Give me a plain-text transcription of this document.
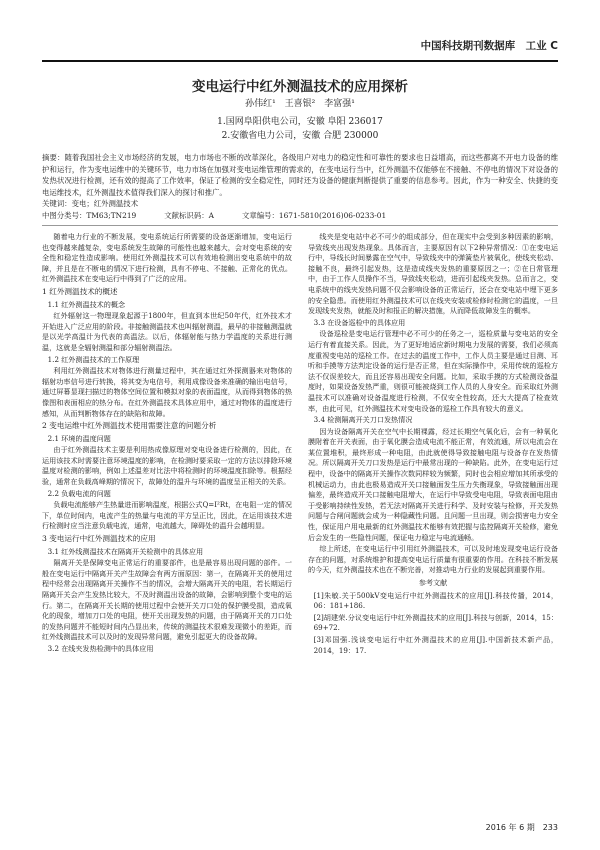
中国科技期刊数据库　工业 C
变电运行中红外测温技术的应用探析
孙伟红¹　王喜银²　李富强¹
1.国网阜阳供电公司，安徽 阜阳 236017
2.安徽省电力公司，安徽 合肥 230000
摘要：随着我国社会主义市场经济的发展，电力市场也不断的改革深化，各级用户对电力的稳定性和可靠性的要求也日益增高，而这些都离不开电力设备的维护和运行，作为变电运维中的关键环节，电力市场在加强对变电运维管理的需求的，在变电运行当中，红外测温不仅能够在不接触、不停电的情况下对设备的发热状况进行检测，还有效的提高了工作效率，保证了检测的安全稳定性，同时还为设备的健康判断提供了重要的信息参考。因此，作为一种安全、快捷的变电运维技术，红外测温技术值得我们深入的探讨和推广。
关键词：变电；红外测温技术
中图分类号：TM63;TN219	文献标识码：A	文章编号：1671-5810(2016)06-0233-01

随着电力行业的不断发展，变电系统运行所需要的设备逐渐增加，变电运行也变得越来越复杂，变电系统发生故障的可能性也越来越大，会对变电系统的安全性和稳定性造成影响。使用红外测温技术可以有效地检测出变电系统中的故障，并且是在不断电的情况下进行检测，具有不停电、不接触、正常化的优点。红外测温技术在变电运行中得到了广泛的应用。

1 红外测温技术的概述

1.1 红外测温技术的概念

红外辐射这一物理现象起源于1800年，但直到本世纪50年代，红外技术才开始进入广泛应用的阶段。非接触测温技术也叫辐射测温，最早的非接触测温就是以光学高温计为代表的高温法。以后，体辐射能与热力学温度的关系进行测温，这就是全辐射测温和部分辐射测温法。

1.2 红外测温技术的工作原理

利用红外测温技术对物体进行测量过程中，其在通过红外探测器来对物体的辐射功率信号进行转换，将其变为电信号，利用成像设备来准确的输出电信号，通过屏幕显现扫描过的物体空间位置和模拟对象的表面温度，从而得到物体的热像图和表面相应的热分布。在红外测温技术具体应用中，通过对物体的温度进行感知，从而判断物体存在的缺陷和故障。

2 变电运维中红外测温技术使用需要注意的问题分析

2.1 环境的温度问题

由于红外测温技术主要是利用热成像原理对变电设备进行检测的，因此，在运用该技术时需要注意环境温度的影响，在检测时要采取一定的方法以排除环境温度对检测的影响，例如上述温差对比法中将检测时的环境温度扣除等。根据经验，通常在负载高峰期的情况下，故障处的温升与环境的温度呈正相关的关系。

2.2 负载电流的问题

负载电流能够产生热量进而影响温度，根据公式Q=I²Rt，在电阻一定的情况下，单位时间内，电流产生的热量与电流的平方呈正比，因此，在运用该技术进行检测时应当注意负载电流，通常，电流越大，障碍处的温升会越明显。

3 变电运行中红外测温技术的应用

3.1 红外线测温技术在隔离开关检测中的具体应用

隔离开关是保障变电正常运行的重要部件，也是最容易出现问题的部件。一般在变电运行中隔离开关产生故障会有两方面原因：第一，在隔离开关的使用过程中经常会出现隔离开关操作不当的情况，会增大隔离开关的电阻，若长期运行隔离开关会产生发热比较大，不及时测温出设备的故障，会影响到整个变电的运行。第二，在隔离开关长期的使用过程中会使开关刀口处的保护膜受损，造成氧化的现象，增加刀口处的电阻，使开关出现发热的问题，由于隔离开关的刀口处的发热问题并不能短时间内凸显出来，传统的测温技术很难发现微小的差距，而红外线测温技术可以及时的发现异常问题，避免引起更大的设备故障。

3.2 在线夹发热检测中的具体应用

线夹是变电站中必不可少的组成部分，但在现实中会受到多种因素的影响，导致线夹出现发热现象。具体而言，主要原因有以下2种异常情况：①在变电运行中，导线长时间暴露在空气中，导致线夹中的弹簧垫片被氧化，使线夹松动、接触不良，最终引起发热，这是造成线夹发热的重要原因之一；②在日常管理中，由于工作人员操作不当，导致线夹松动，进而引起线夹发热。总而言之，变电系统中的线夹发热问题不仅会影响设备的正常运行，还会在变电站中埋下更多的安全隐患。而使用红外测温技术可以在线夹安装或检修时检测它的温度，一旦发现线夹发热，就能及时和报正的解决措施，从而降低故障发生的概率。

3.3 在设备巡检中的具体应用

设备巡检是变电运行管理中必不可少的任务之一，巡检质量与变电站的安全运行有着直接关系。因此，为了更好地适应新时期电力发展的需要，我们必须高度重视变电站的巡检工作。在过去的温度工作中，工作人员主要是通过目测、耳听和手摸等方法判定设备的运行是否正常，但在实际操作中，采用传统的巡检方法不仅误差较大，而且还容易出现安全问题。比如，采取手摸的方式检测设备温度时，如果设备发热严重，则很可能被烧到工作人员的人身安全。而采取红外测温技术可以准确对设备温度进行检测，不仅安全性较高，还大大提高了检查效率，由此可见，红外测温技术对变电设备的巡检工作具有较大的意义。

3.4 检测隔离开关刀口发热情况

因为设备隔离开关在空气中长期裸露，经过长期空气氧化后，会有一种氧化膜附着在开关表面，由于氧化膜会造成电流不能正常，有效流通，所以电流会在某位置堆积，最终形成一种电阻，由此就使得导致接触电阻与设备存在发热情况。所以隔离开关刀口发热是运行中最常出现的一种缺陷。此外，在变电运行过程中，设备中的隔离开关操作次数同样较为频繁，同时也会相应增加其所承受的机械运动力，由此也极易造成开关口接触面发生压力失衡现象，导致接触面出现偏差，最终造成开关口接触电阻增大，在运行中导致受电电阻，导致表面电阻由于受影响持续性发热，若无法对隔离开关进行科学、及时安装与检修，开关发热问题与合闸问题就会成为一种隐藏性问题。且问题一旦出现，则会损害电力安全性，保证用户用电最新的红外测温技术能够有效把握与监控隔离开关检修，避免后会发生的一些隐性问题，保证电力稳定与电流通畅。

综上所述，在变电运行中引用红外测温技术，可以及时地发现变电运行设备存在的问题，对系统维护和提高变电运行质量有很重要的作用。在科技不断发展的今天，红外测温技术也在不断完善，对推动电力行业的发展起到重要作用。

参考文献

[1]朱敏.关于500kV变电运行中红外测温技术的应用[J].科技传播，2014，06：181+186.

[2]胡建荣.分议变电运行中红外测温技术的应用[J].科技与创新，2014，15：69+72.

[3]邓国强.浅谈变电运行中红外测温技术的应用[J].中国新技术新产品，2014，19：17.

2016 年 6 期　233
